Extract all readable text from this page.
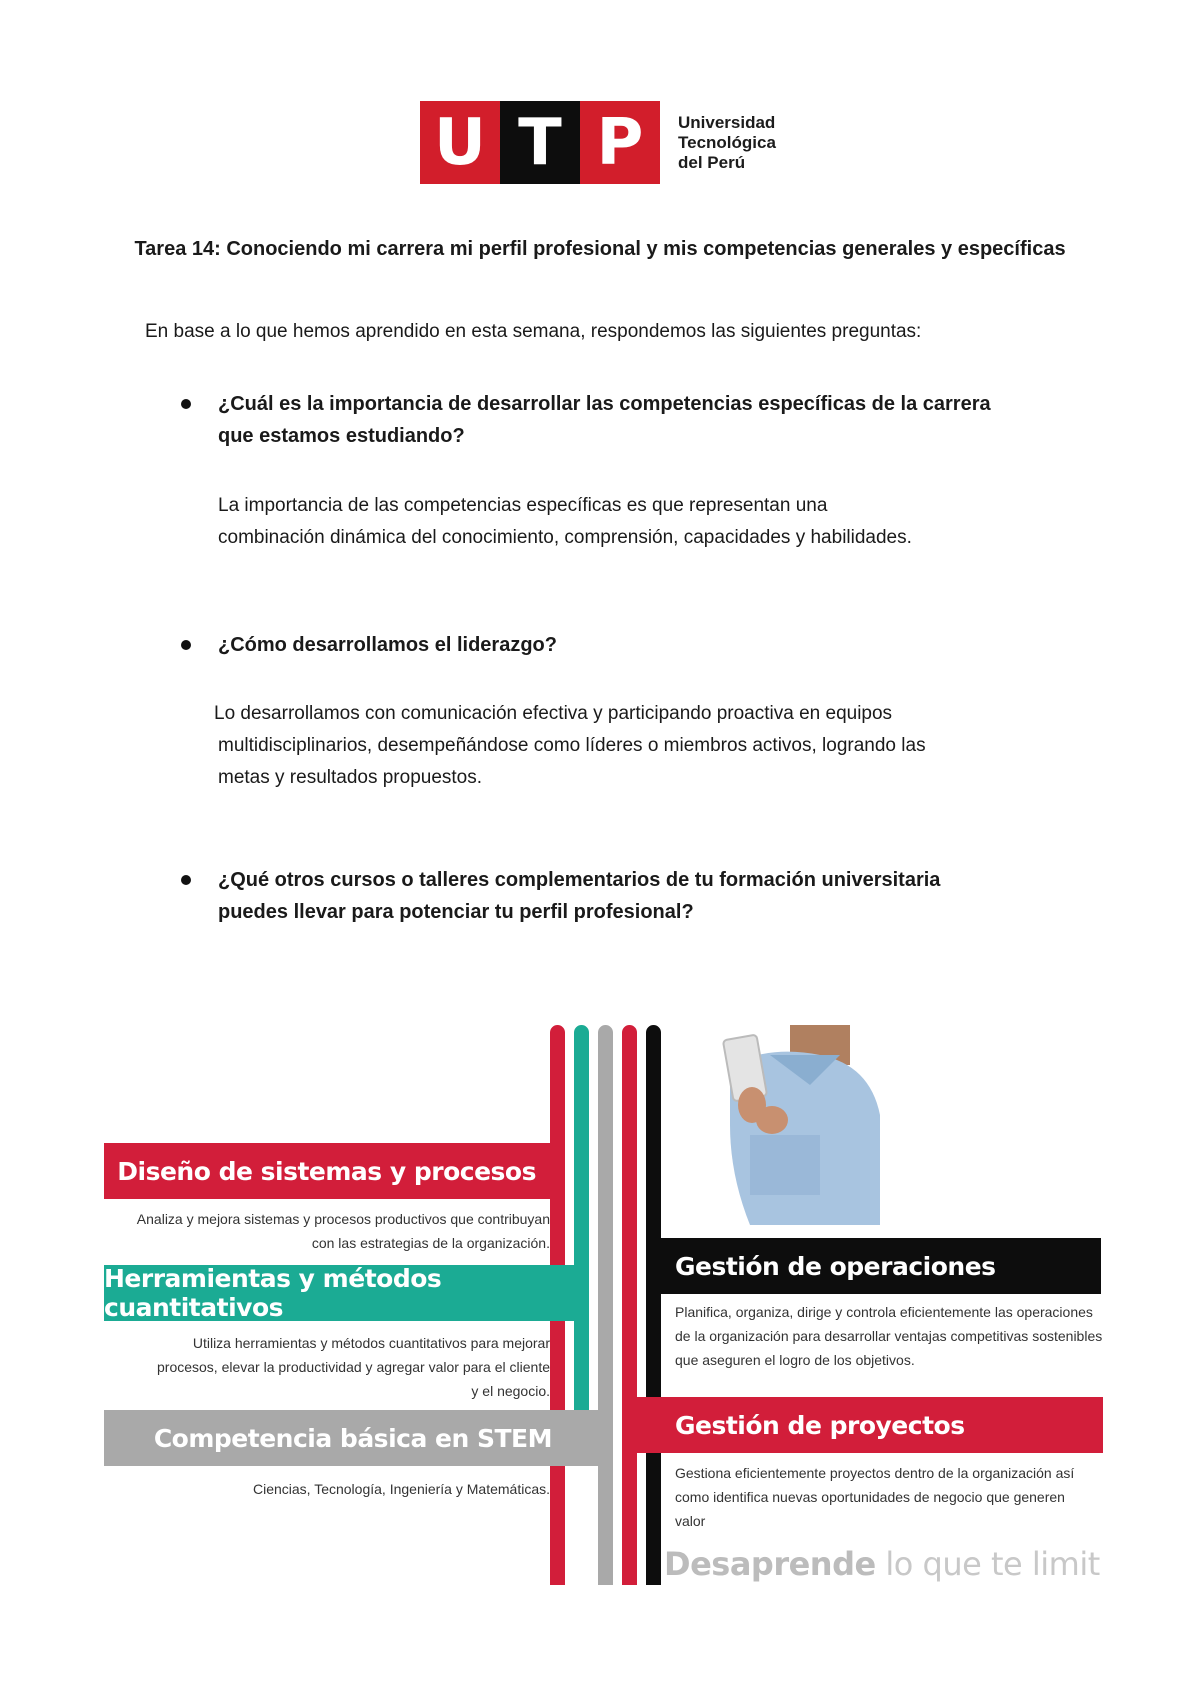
U T P	Universidad
Tecnológica
del Perú
Tarea 14: Conociendo mi carrera mi perfil profesional y mis competencias generales y específicas
En base a lo que hemos aprendido en esta semana, respondemos las siguientes preguntas:
¿Cuál es la importancia de desarrollar las competencias específicas de la carrera
que estamos estudiando?
La importancia de las competencias específicas es que representan una
combinación dinámica del conocimiento, comprensión, capacidades y habilidades.
¿Cómo desarrollamos el liderazgo?
Lo desarrollamos con comunicación efectiva y participando proactiva en equipos
multidisciplinarios, desempeñándose como líderes o miembros activos, logrando las
metas y resultados propuestos.
¿Qué otros cursos o talleres complementarios de tu formación universitaria
puedes llevar para potenciar tu perfil profesional?
Diseño de sistemas y procesos
Analiza y mejora sistemas y procesos productivos que contribuyan
con las estrategias de la organización.
Herramientas y métodos cuantitativos
Utiliza herramientas y métodos cuantitativos para mejorar
procesos, elevar la productividad y agregar valor para el cliente
y el negocio.
Competencia básica en STEM
Ciencias, Tecnología, Ingeniería y Matemáticas.
Gestión de operaciones
Planifica, organiza, dirige y controla eficientemente las operaciones
de la organización para desarrollar ventajas competitivas sostenibles
que aseguren el logro de los objetivos.
Gestión de proyectos
Gestiona eficientemente proyectos dentro de la organización así
como identifica nuevas oportunidades de negocio que generen
valor
Desaprende lo que te limit
